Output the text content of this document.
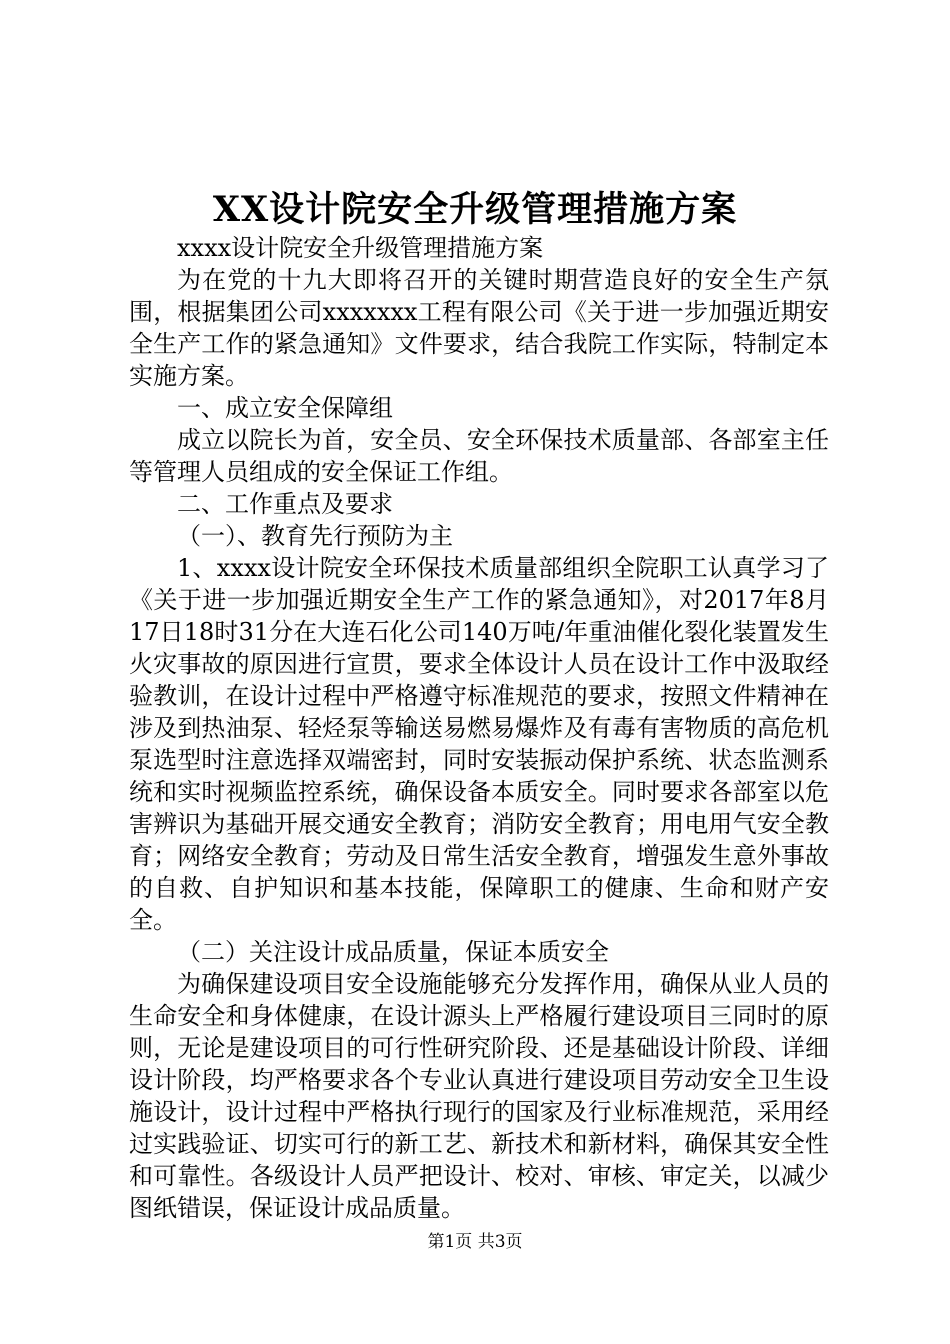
XX设计院安全升级管理措施方案

xxxx设计院安全升级管理措施方案

为在党的十九大即将召开的关键时期营造良好的安全生产氛围，根据集团公司xxxxxxx工程有限公司《关于进一步加强近期安全生产工作的紧急通知》文件要求，结合我院工作实际，特制定本实施方案。

一、成立安全保障组

成立以院长为首，安全员、安全环保技术质量部、各部室主任等管理人员组成的安全保证工作组。

二、工作重点及要求

（一）、教育先行预防为主

1、xxxx设计院安全环保技术质量部组织全院职工认真学习了《关于进一步加强近期安全生产工作的紧急通知》，对2017年8月17日18时31分在大连石化公司140万吨/年重油催化裂化装置发生火灾事故的原因进行宣贯，要求全体设计人员在设计工作中汲取经验教训，在设计过程中严格遵守标准规范的要求，按照文件精神在涉及到热油泵、轻烃泵等输送易燃易爆炸及有毒有害物质的高危机泵选型时注意选择双端密封，同时安装振动保护系统、状态监测系统和实时视频监控系统，确保设备本质安全。同时要求各部室以危害辨识为基础开展交通安全教育；消防安全教育；用电用气安全教育；网络安全教育；劳动及日常生活安全教育，增强发生意外事故的自救、自护知识和基本技能，保障职工的健康、生命和财产安全。

（二）关注设计成品质量，保证本质安全

为确保建设项目安全设施能够充分发挥作用，确保从业人员的生命安全和身体健康，在设计源头上严格履行建设项目三同时的原则，无论是建设项目的可行性研究阶段、还是基础设计阶段、详细设计阶段，均严格要求各个专业认真进行建设项目劳动安全卫生设施设计，设计过程中严格执行现行的国家及行业标准规范，采用经过实践验证、切实可行的新工艺、新技术和新材料，确保其安全性和可靠性。各级设计人员严把设计、校对、审核、审定关，以减少图纸错误，保证设计成品质量。

第1页 共3页
